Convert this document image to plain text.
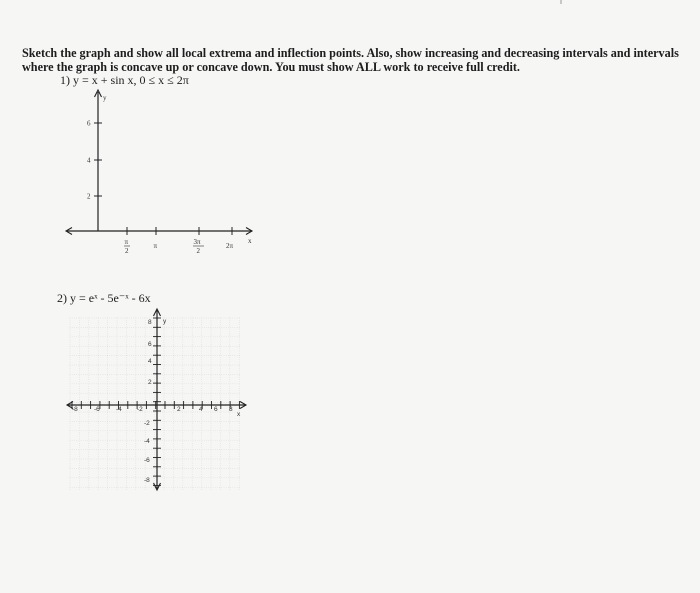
Sketch the graph and show all local extrema and inflection points. Also, show increasing and decreasing intervals and intervals where the graph is concave up or concave down. You must show ALL work to receive full credit.
1) y = x + sin x, 0 ≤ x ≤ 2π
y
6
4
2
x
π
2
π	3π
2
2π
2) y = eˣ - 5e⁻ˣ - 6x
x
y
-8 -6 -4 -2	2	4 6 8
8
6
4
2
-2
-4
-6
-8
